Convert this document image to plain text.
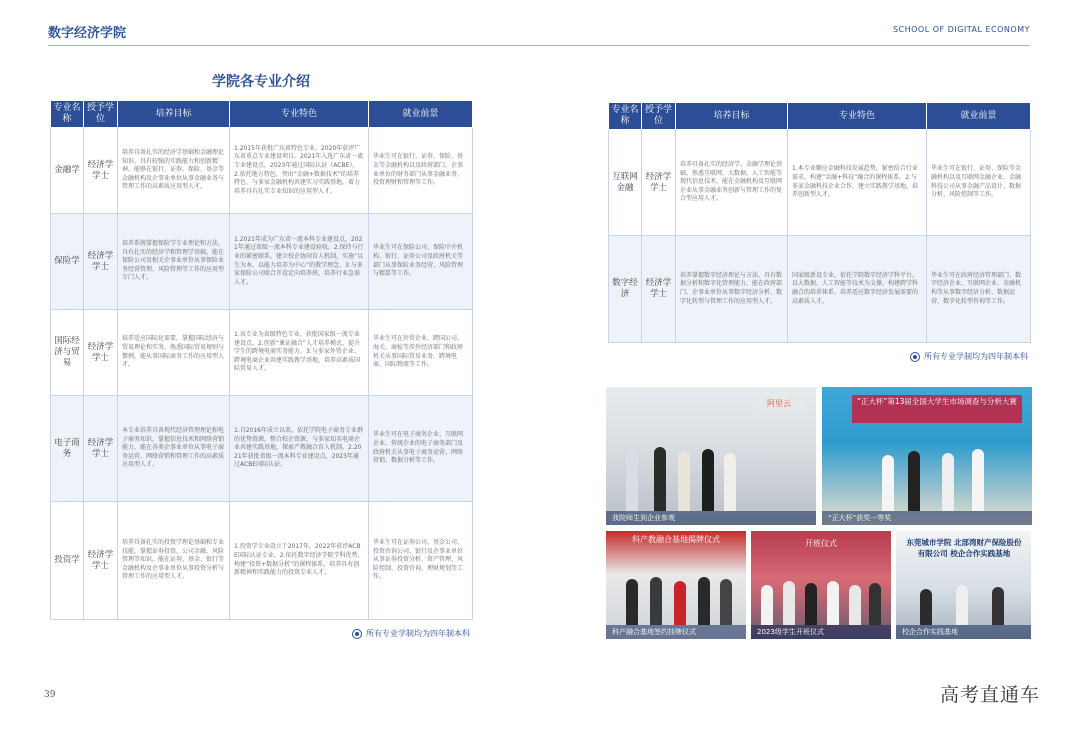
数字经济学院	SCHOOL OF DIGITAL ECONOMY
学院各专业介绍
专业名称	授予学位	培养目标	专业特色	就业前景
金融学	经济学学士	培养具备扎实的经济学基础和金融理论知识，具有较强的实践能力和创新精神，能够在银行、证券、保险、基金等金融机构及企事业单位从事金融业务与管理工作的高素质应用型人才。	1.2015年获批广东省特色专业，2020年获评广东省重点专业建设项目。2021年入选广东省一流专业建设点。2023年通过国际认证（ACBE）。2.依托地方特色，突出“金融+数据技术”的培养特色，与多家金融机构共建实习实践基地，着力培养具有扎实专业知识的应用型人才。	毕业生可在银行、证券、保险、基金等金融机构以及政府部门、企事业单位的财务部门从事金融业务、投资理财和管理等工作。
保险学	经济学学士	培养系统掌握保险学专业理论和方法，具有扎实的经济学和管理学基础，能在保险公司及相关企事业单位从事保险业务经营管理、风险管理等工作的应用型专门人才。	1.2021年成为广东省一流本科专业建设点，2021年通过省级一流本科专业建设验收。2.保持与行业的紧密联系，建立校企协同育人机制，实施“以生为本，以能力培养为中心”的教学理念。3.与多家保险公司联合开设定向培养班，培养行业急需人才。	毕业生可在保险公司、保险中介机构、银行、证券公司及政府机关等部门从事保险业务经营、风险管理与精算等工作。
国际经济与贸易	经济学学士	培养适应国际化需要，掌握国际经济与贸易理论和实务，熟悉国际贸易规则与惯例，能从事国际商务工作的应用型人才。	1.该专业为省级特色专业，获批国家级一流专业建设点。2.创新“课证融合”人才培养模式，提升学生的跨境电商实务能力。3.与多家外贸企业、跨境电商企业共建实践教学基地，培养高素质国际贸易人才。	毕业生可在外贸企业、跨国公司、海关、商检等涉外经济部门和政府机关从事国际贸易业务、跨境电商、国际物流等工作。
电子商务	经济学学士	本专业培养具备现代经济管理理论和电子商务知识，掌握信息技术和网络营销能力，能在各类企事业单位从事电子商务运营、网络营销和管理工作的高素质应用型人才。	1.自2016年成立以来，依托学院电子商务专业群的优势资源，整合校企资源，与多家知名电商企业共建实践基地，探索产教融合育人机制。2.2021年获批省级一流本科专业建设点，2023年通过ACBE国际认证。	毕业生可在电子商务企业、互联网企业、传统企业的电子商务部门及政府机关从事电子商务运营、网络营销、数据分析等工作。
投资学	经济学学士	培养具备扎实的投资学理论基础和专业技能，掌握证券投资、公司金融、风险管理等知识，能在证券、基金、银行等金融机构及企事业单位从事投资分析与管理工作的应用型人才。	1.投资学专业设立于2017年，2022年获评ACBE国际认证专业。2.依托数字经济学院学科优势，构建“投资+数据分析”的课程体系，培养具有创新精神和实践能力的投资专业人才。	毕业生可在证券公司、基金公司、投资咨询公司、银行及企事业单位从事证券投资分析、资产管理、风险控制、投资咨询、理财规划等工作。
所有专业学制均为四年制本科
专业名称	授予学位	培养目标	专业特色	就业前景
互联网金融	经济学学士	培养具备扎实的经济学、金融学理论基础，熟悉互联网、大数据、人工智能等现代信息技术，能在金融机构及互联网企业从事金融业务创新与管理工作的复合型应用人才。	1.本专业顺应金融科技发展趋势，紧密结合行业需求，构建“金融+科技”融合的课程体系。2.与多家金融科技企业合作，建立实践教学基地，培养创新型人才。	毕业生可在银行、证券、保险等金融机构以及互联网金融企业、金融科技公司从事金融产品设计、数据分析、风险控制等工作。
数字经济	经济学学士	培养掌握数字经济理论与方法，具有数据分析和数字化管理能力，能在政府部门、企事业单位从事数字经济分析、数字化转型与管理工作的应用型人才。	国家级新设专业，依托学院数字经济学科平台，以大数据、人工智能等技术为支撑，构建跨学科融合的培养体系，培养适应数字经济发展需要的高素质人才。	毕业生可在政府经济管理部门、数字经济企业、互联网企业、金融机构等从事数字经济分析、数据运营、数字化转型咨询等工作。
所有专业学制均为四年制本科
阿里云
我院师生到企业参观
“正大杯”第13届全国大学生市场调查与分析大赛
“正大杯”获奖一等奖
科产教融合基地揭牌仪式
科产融合基地签约挂牌仪式
开班仪式
2023级学生开班仪式
东莞城市学院 北部湾财产保险股份有限公司 校企合作实践基地
校企合作实践基地
39	高考直通车
